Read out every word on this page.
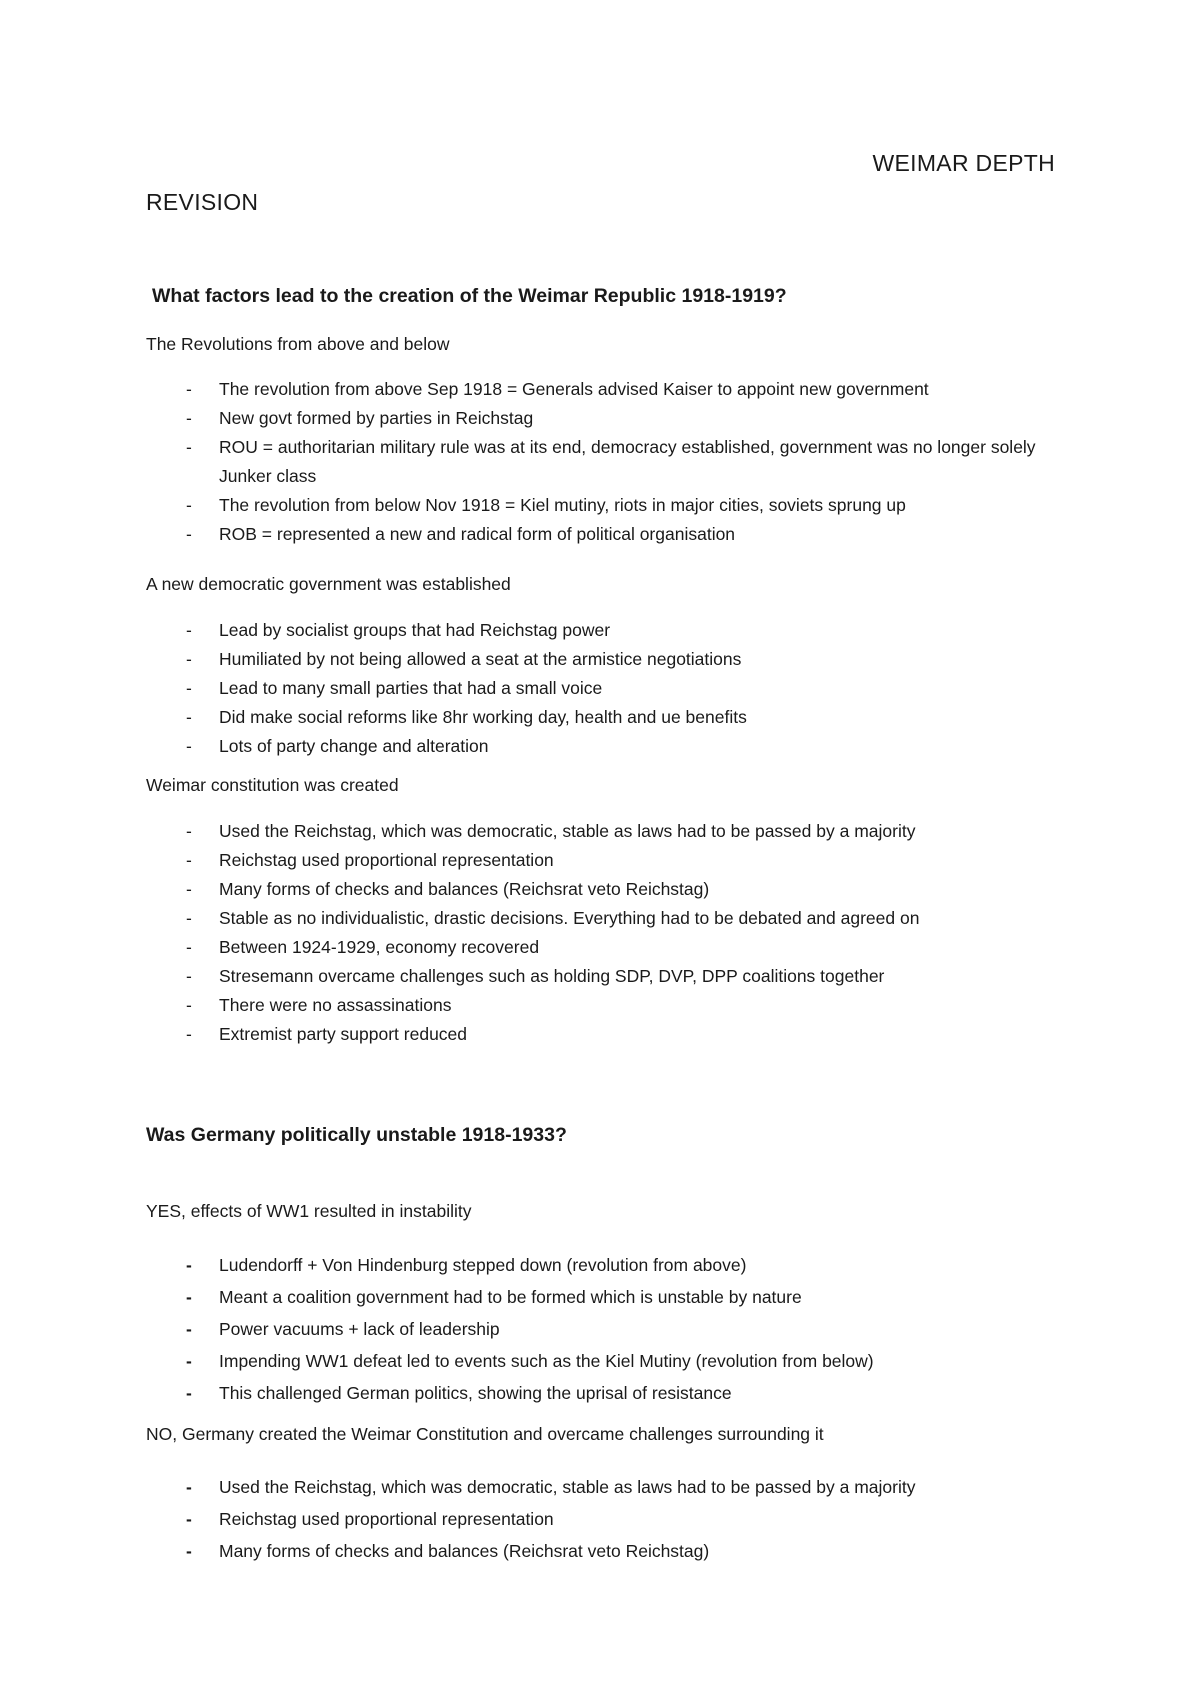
WEIMAR DEPTH
REVISION

What factors lead to the creation of the Weimar Republic 1918-1919?

The Revolutions from above and below

- The revolution from above Sep 1918 = Generals advised Kaiser to appoint new government
- New govt formed by parties in Reichstag
- ROU = authoritarian military rule was at its end, democracy established, government was no longer solely Junker class
- The revolution from below Nov 1918 = Kiel mutiny, riots in major cities, soviets sprung up
- ROB = represented a new and radical form of political organisation

A new democratic government was established

- Lead by socialist groups that had Reichstag power
- Humiliated by not being allowed a seat at the armistice negotiations
- Lead to many small parties that had a small voice
- Did make social reforms like 8hr working day, health and ue benefits
- Lots of party change and alteration

Weimar constitution was created

- Used the Reichstag, which was democratic, stable as laws had to be passed by a majority
- Reichstag used proportional representation
- Many forms of checks and balances (Reichsrat veto Reichstag)
- Stable as no individualistic, drastic decisions. Everything had to be debated and agreed on
- Between 1924-1929, economy recovered
- Stresemann overcame challenges such as holding SDP, DVP, DPP coalitions together
- There were no assassinations
- Extremist party support reduced

Was Germany politically unstable 1918-1933?

YES, effects of WW1 resulted in instability

- Ludendorff + Von Hindenburg stepped down (revolution from above)
- Meant a coalition government had to be formed which is unstable by nature
- Power vacuums + lack of leadership
- Impending WW1 defeat led to events such as the Kiel Mutiny (revolution from below)
- This challenged German politics, showing the uprisal of resistance

NO, Germany created the Weimar Constitution and overcame challenges surrounding it

- Used the Reichstag, which was democratic, stable as laws had to be passed by a majority
- Reichstag used proportional representation
- Many forms of checks and balances (Reichsrat veto Reichstag)
